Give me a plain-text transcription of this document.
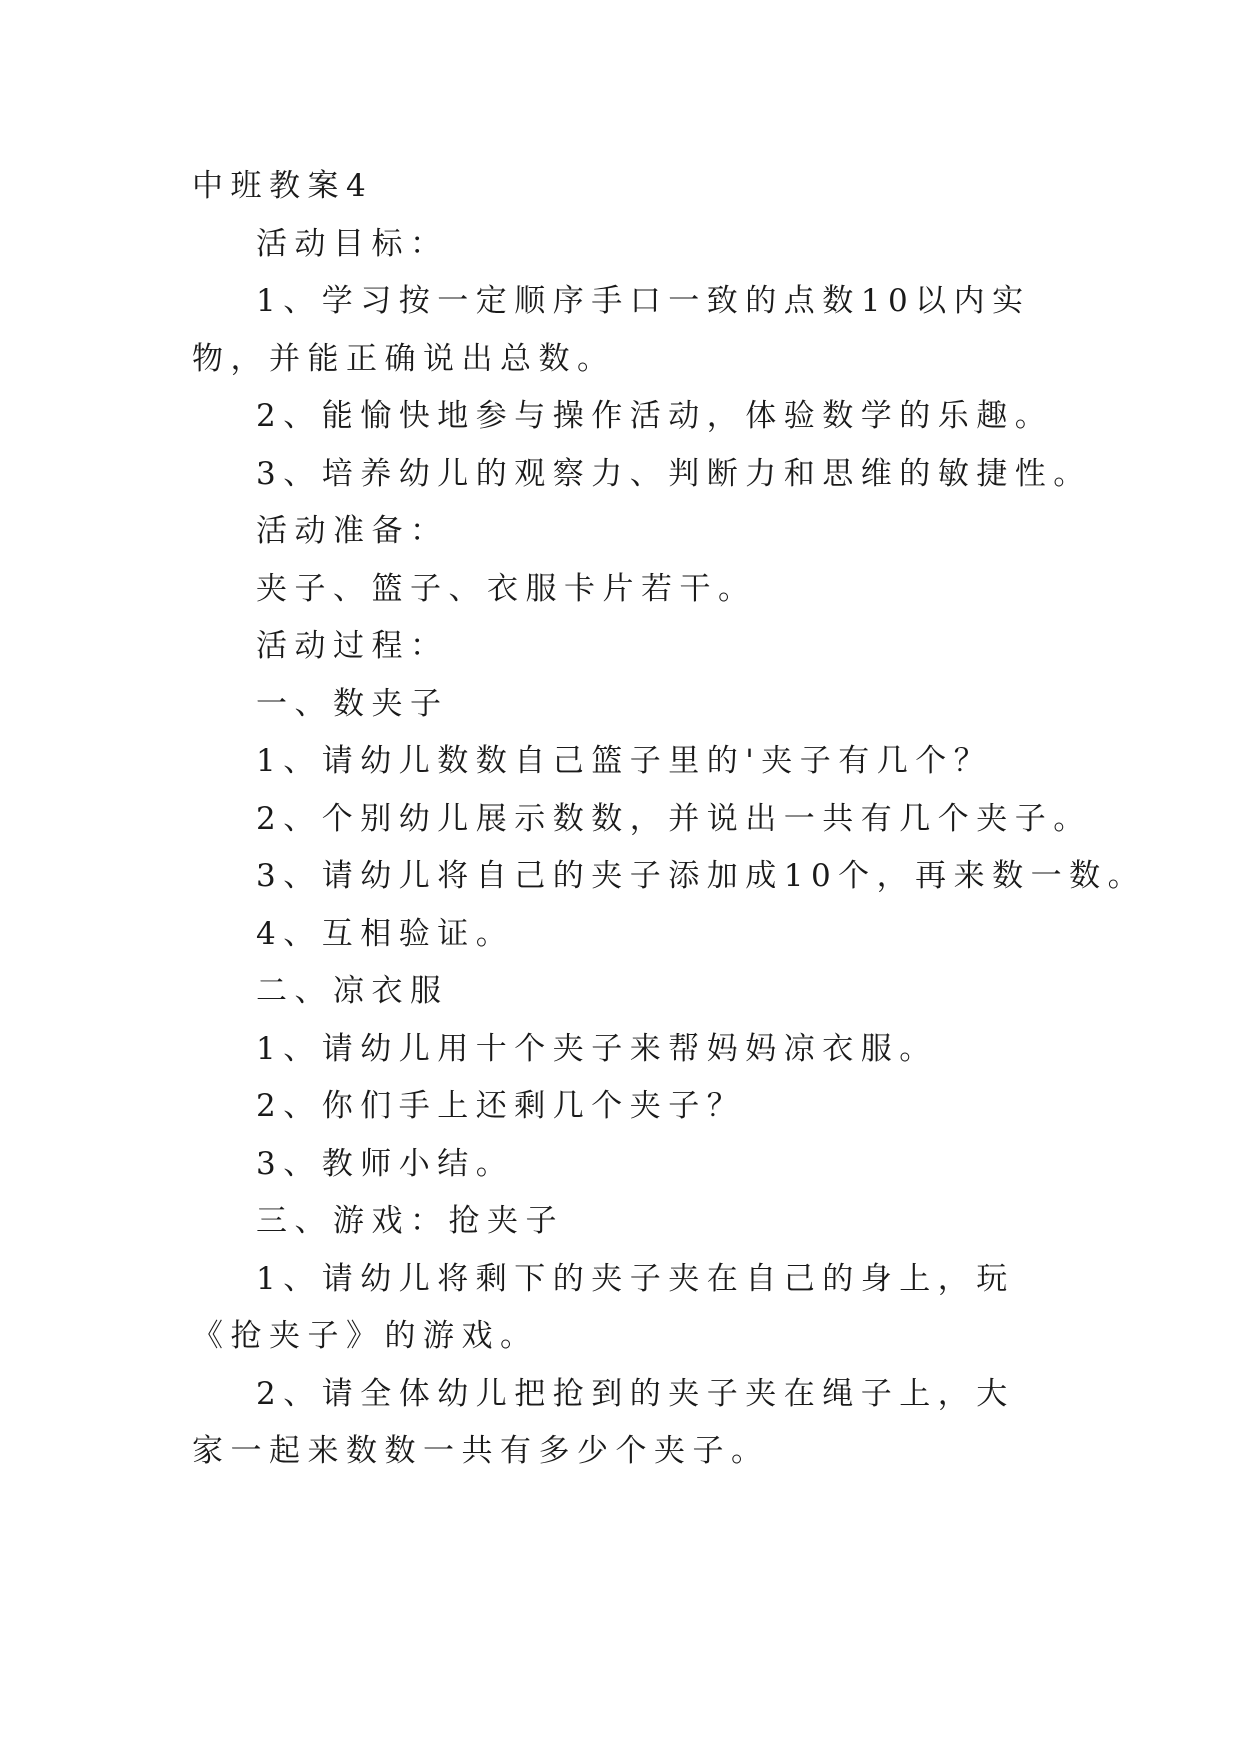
中班教案4

活动目标：

1、学习按一定顺序手口一致的点数10以内实物，并能正确说出总数。

2、能愉快地参与操作活动，体验数学的乐趣。

3、培养幼儿的观察力、判断力和思维的敏捷性。

活动准备：

夹子、篮子、衣服卡片若干。

活动过程：

一、数夹子

1、请幼儿数数自己篮子里的'夹子有几个？

2、个别幼儿展示数数，并说出一共有几个夹子。

3、请幼儿将自己的夹子添加成10个，再来数一数。

4、互相验证。

二、凉衣服

1、请幼儿用十个夹子来帮妈妈凉衣服。

2、你们手上还剩几个夹子？

3、教师小结。

三、游戏：抢夹子

1、请幼儿将剩下的夹子夹在自己的身上，玩《抢夹子》的游戏。

2、请全体幼儿把抢到的夹子夹在绳子上，大家一起来数数一共有多少个夹子。
